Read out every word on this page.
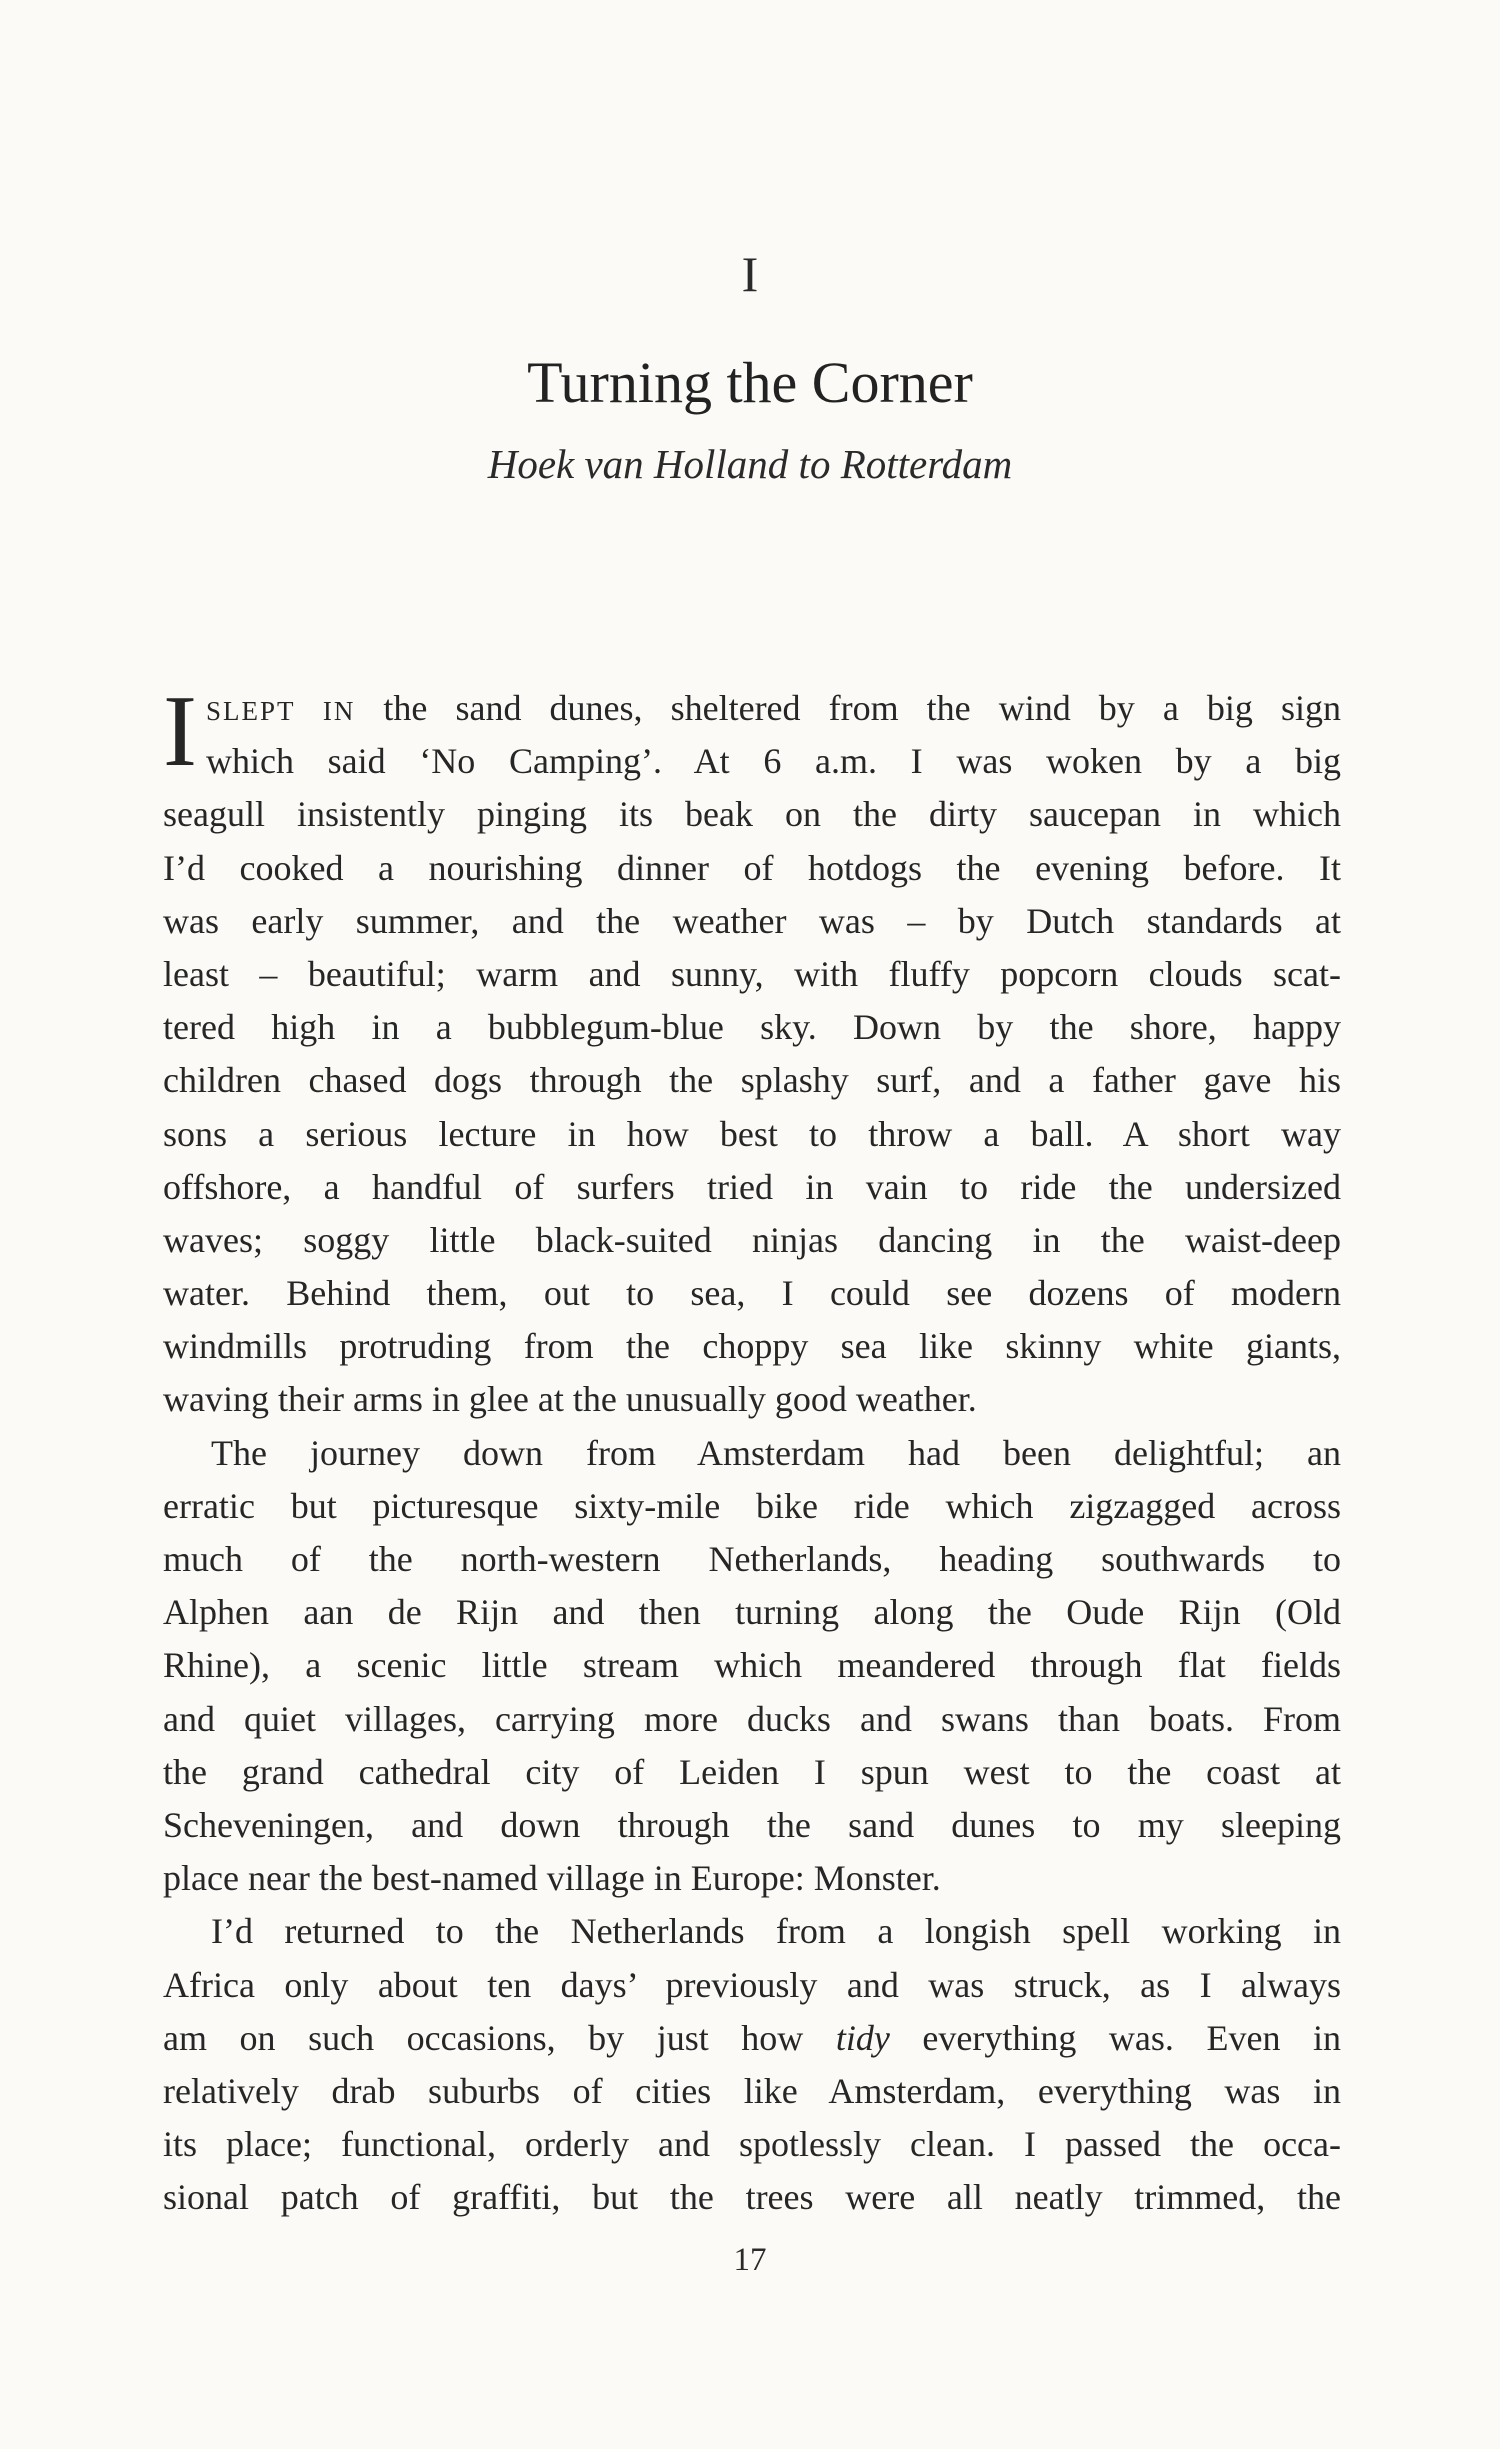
I
Turning the Corner
Hoek van Holland to Rotterdam
I SLEPT IN the sand dunes, sheltered from the wind by a big sign
which said ‘No Camping’. At 6 a.m. I was woken by a big
seagull insistently pinging its beak on the dirty saucepan in which
I’d cooked a nourishing dinner of hotdogs the evening before. It
was early summer, and the weather was – by Dutch standards at
least – beautiful; warm and sunny, with fluffy popcorn clouds scat-
tered high in a bubblegum-blue sky. Down by the shore, happy
children chased dogs through the splashy surf, and a father gave his
sons a serious lecture in how best to throw a ball. A short way
offshore, a handful of surfers tried in vain to ride the undersized
waves; soggy little black-suited ninjas dancing in the waist-deep
water. Behind them, out to sea, I could see dozens of modern
windmills protruding from the choppy sea like skinny white giants,
waving their arms in glee at the unusually good weather.
The journey down from Amsterdam had been delightful; an
erratic but picturesque sixty-mile bike ride which zigzagged across
much of the north-western Netherlands, heading southwards to
Alphen aan de Rijn and then turning along the Oude Rijn (Old
Rhine), a scenic little stream which meandered through flat fields
and quiet villages, carrying more ducks and swans than boats. From
the grand cathedral city of Leiden I spun west to the coast at
Scheveningen, and down through the sand dunes to my sleeping
place near the best-named village in Europe: Monster.
I’d returned to the Netherlands from a longish spell working in
Africa only about ten days’ previously and was struck, as I always
am on such occasions, by just how tidy everything was. Even in
relatively drab suburbs of cities like Amsterdam, everything was in
its place; functional, orderly and spotlessly clean. I passed the occa-
sional patch of graffiti, but the trees were all neatly trimmed, the
17
